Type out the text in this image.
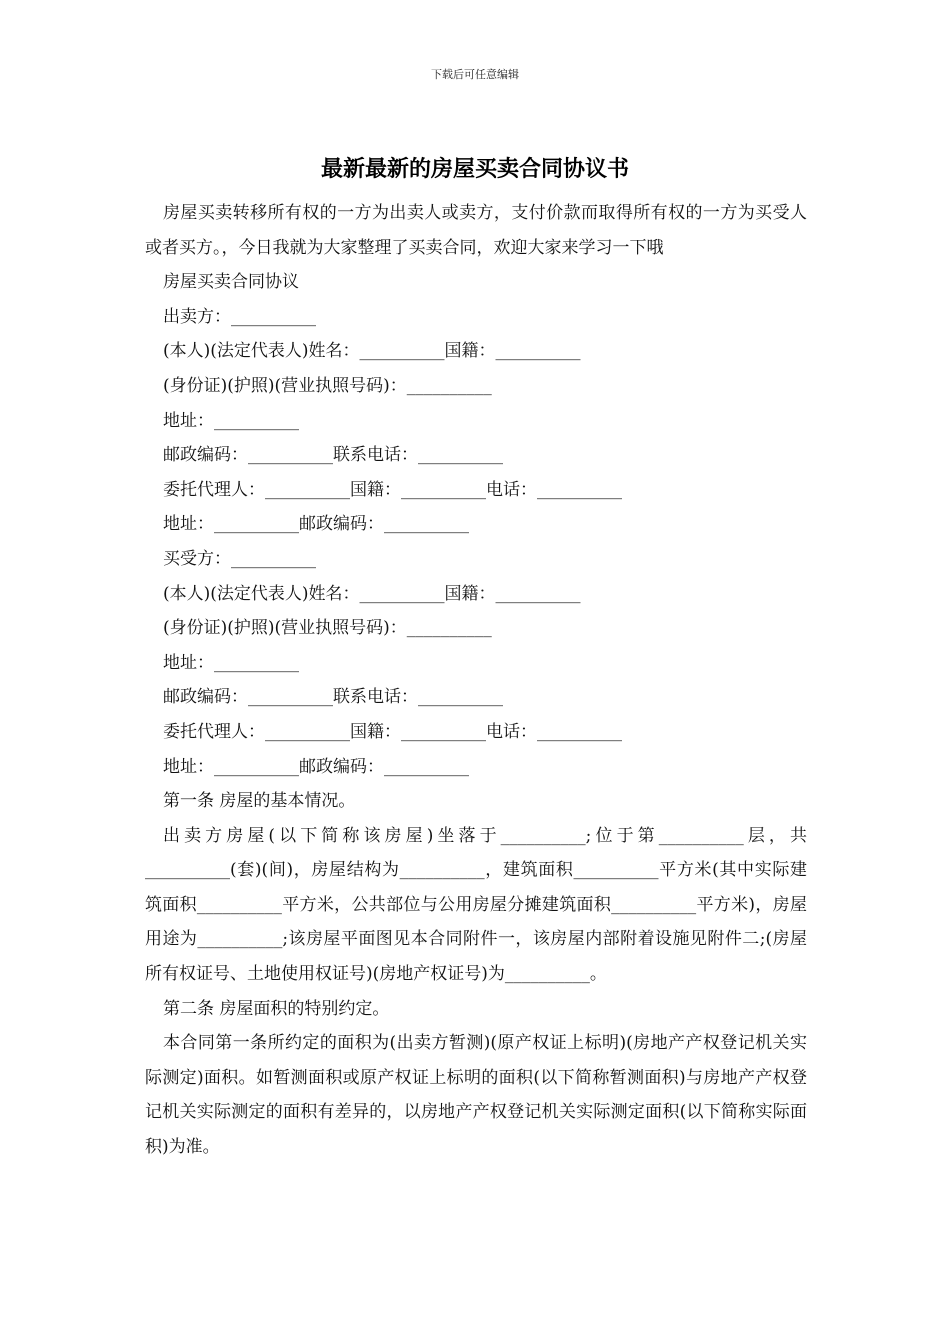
下载后可任意编辑
最新最新的房屋买卖合同协议书

房屋买卖转移所有权的一方为出卖人或卖方，支付价款而取得所有权的一方为买受人或者买方。，今日我就为大家整理了买卖合同，欢迎大家来学习一下哦

房屋买卖合同协议

出卖方：__________

(本人)(法定代表人)姓名：__________国籍：__________

(身份证)(护照)(营业执照号码)：__________

地址：__________

邮政编码：__________联系电话：__________

委托代理人：__________国籍：__________电话：__________

地址：__________邮政编码：__________

买受方：__________

(本人)(法定代表人)姓名：__________国籍：__________

(身份证)(护照)(营业执照号码)：__________

地址：__________

邮政编码：__________联系电话：__________

委托代理人：__________国籍：__________电话：__________

地址：__________邮政编码：__________

第一条 房屋的基本情况。

出卖方房屋(以下简称该房屋)坐落于__________;位于第__________层，共__________(套)(间)，房屋结构为__________，建筑面积__________平方米(其中实际建筑面积__________平方米，公共部位与公用房屋分摊建筑面积__________平方米)，房屋用途为__________;该房屋平面图见本合同附件一，该房屋内部附着设施见附件二;(房屋所有权证号、土地使用权证号)(房地产权证号)为__________。

第二条 房屋面积的特别约定。

本合同第一条所约定的面积为(出卖方暂测)(原产权证上标明)(房地产产权登记机关实际测定)面积。如暂测面积或原产权证上标明的面积(以下简称暂测面积)与房地产产权登记机关实际测定的面积有差异的，以房地产产权登记机关实际测定面积(以下简称实际面积)为准。
